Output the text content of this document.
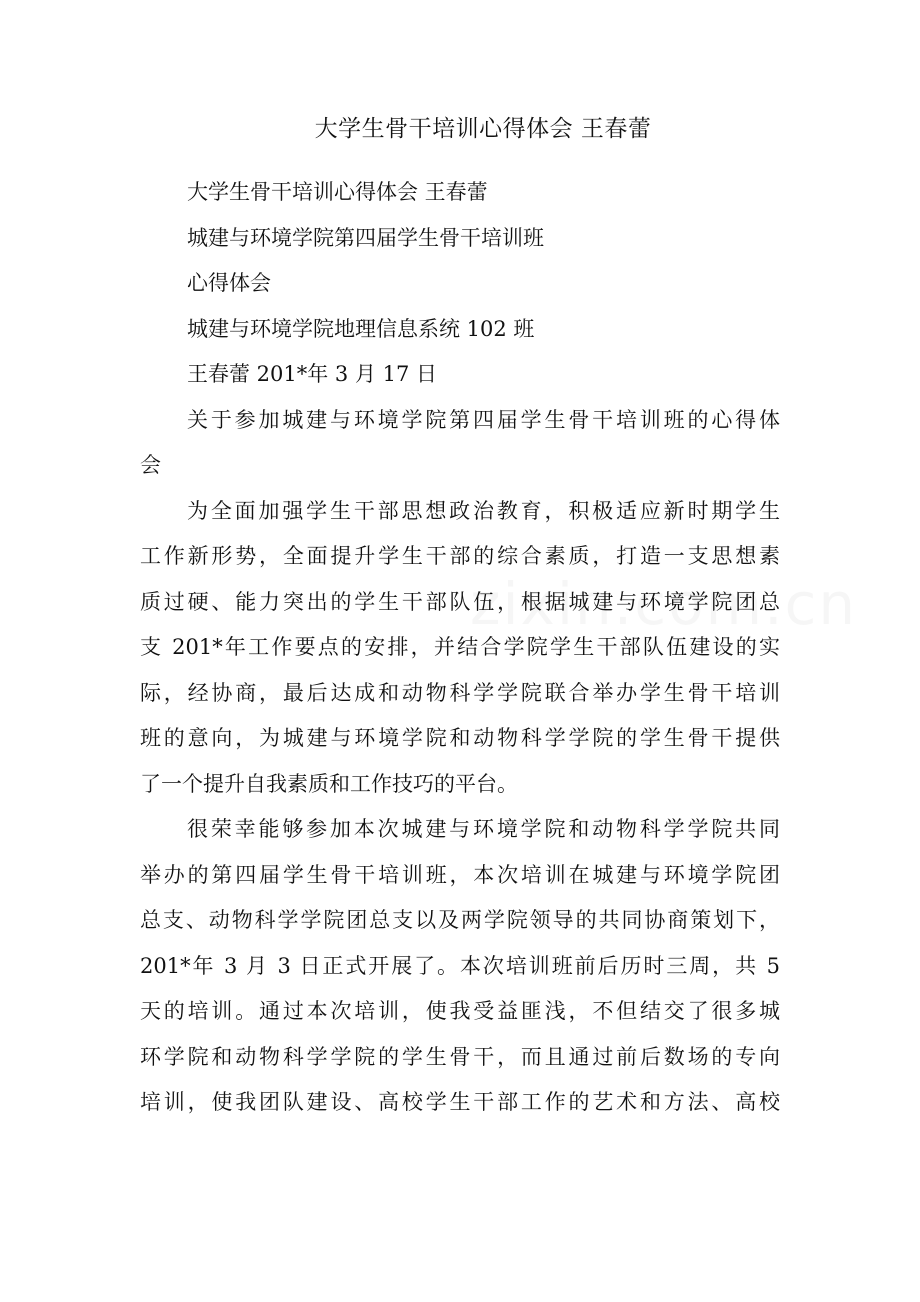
大学生骨干培训心得体会 王春蕾
大学生骨干培训心得体会 王春蕾
城建与环境学院第四届学生骨干培训班
心得体会
城建与环境学院地理信息系统 102 班
王春蕾 201*年 3 月 17 日
关于参加城建与环境学院第四届学生骨干培训班的心得体
会
为全面加强学生干部思想政治教育，积极适应新时期学生
工作新形势，全面提升学生干部的综合素质，打造一支思想素
质过硬、能力突出的学生干部队伍，根据城建与环境学院团总
支 201*年工作要点的安排，并结合学院学生干部队伍建设的实
际，经协商，最后达成和动物科学学院联合举办学生骨干培训
班的意向，为城建与环境学院和动物科学学院的学生骨干提供
了一个提升自我素质和工作技巧的平台。
很荣幸能够参加本次城建与环境学院和动物科学学院共同
举办的第四届学生骨干培训班，本次培训在城建与环境学院团
总支、动物科学学院团总支以及两学院领导的共同协商策划下，
201*年 3 月 3 日正式开展了。本次培训班前后历时三周，共 5
天的培训。通过本次培训，使我受益匪浅，不但结交了很多城
环学院和动物科学学院的学生骨干，而且通过前后数场的专向
培训，使我团队建设、高校学生干部工作的艺术和方法、高校
